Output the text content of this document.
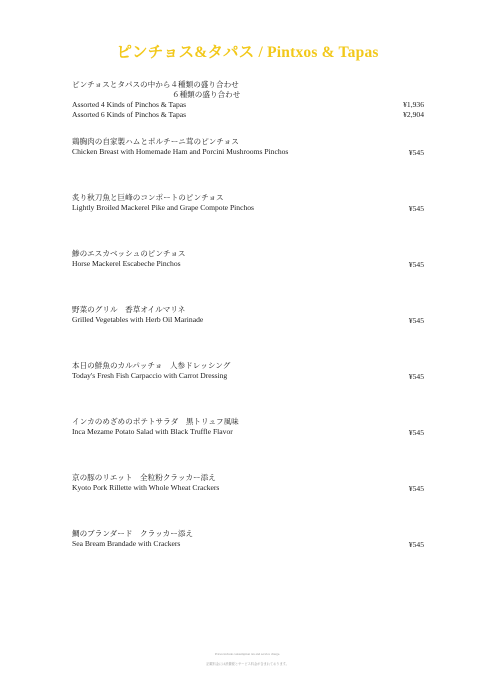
ピンチョス&タパス / Pintxos & Tapas
ピンチョスとタパスの中から４種類の盛り合わせ
６種類の盛り合わせ
Assorted 4 Kinds of Pinchos & Tapas	¥1,936
Assorted 6 Kinds of Pinchos & Tapas	¥2,904
鶏胸肉の自家製ハムとポルチーニ茸のピンチョス
Chicken Breast with Homemade Ham and Porcini Mushrooms Pinchos	¥545
炙り秋刀魚と巨峰のコンポートのピンチョス
Lightly Broiled Mackerel Pike and Grape Compote Pinchos	¥545
鯵のエスカベッシュのピンチョス
Horse Mackerel Escabeche Pinchos	¥545
野菜のグリル　香草オイルマリネ
Grilled Vegetables with Herb Oil Marinade	¥545
本日の鮮魚のカルパッチョ　人参ドレッシング
Today's Fresh Fish Carpaccio with Carrot Dressing	¥545
インカのめざめのポテトサラダ　黒トリュフ風味
Inca Mezame Potato Salad with Black Truffle Flavor	¥545
京の豚のリエット　全粒粉クラッカー添え
Kyoto Pork Rillette with Whole Wheat Crackers	¥545
鯛のブランダード　クラッカー添え
Sea Bream Brandade with Crackers	¥545
Prices include consumption tax and service charge.
記載料金には消費税とサービス料金が含まれております。
